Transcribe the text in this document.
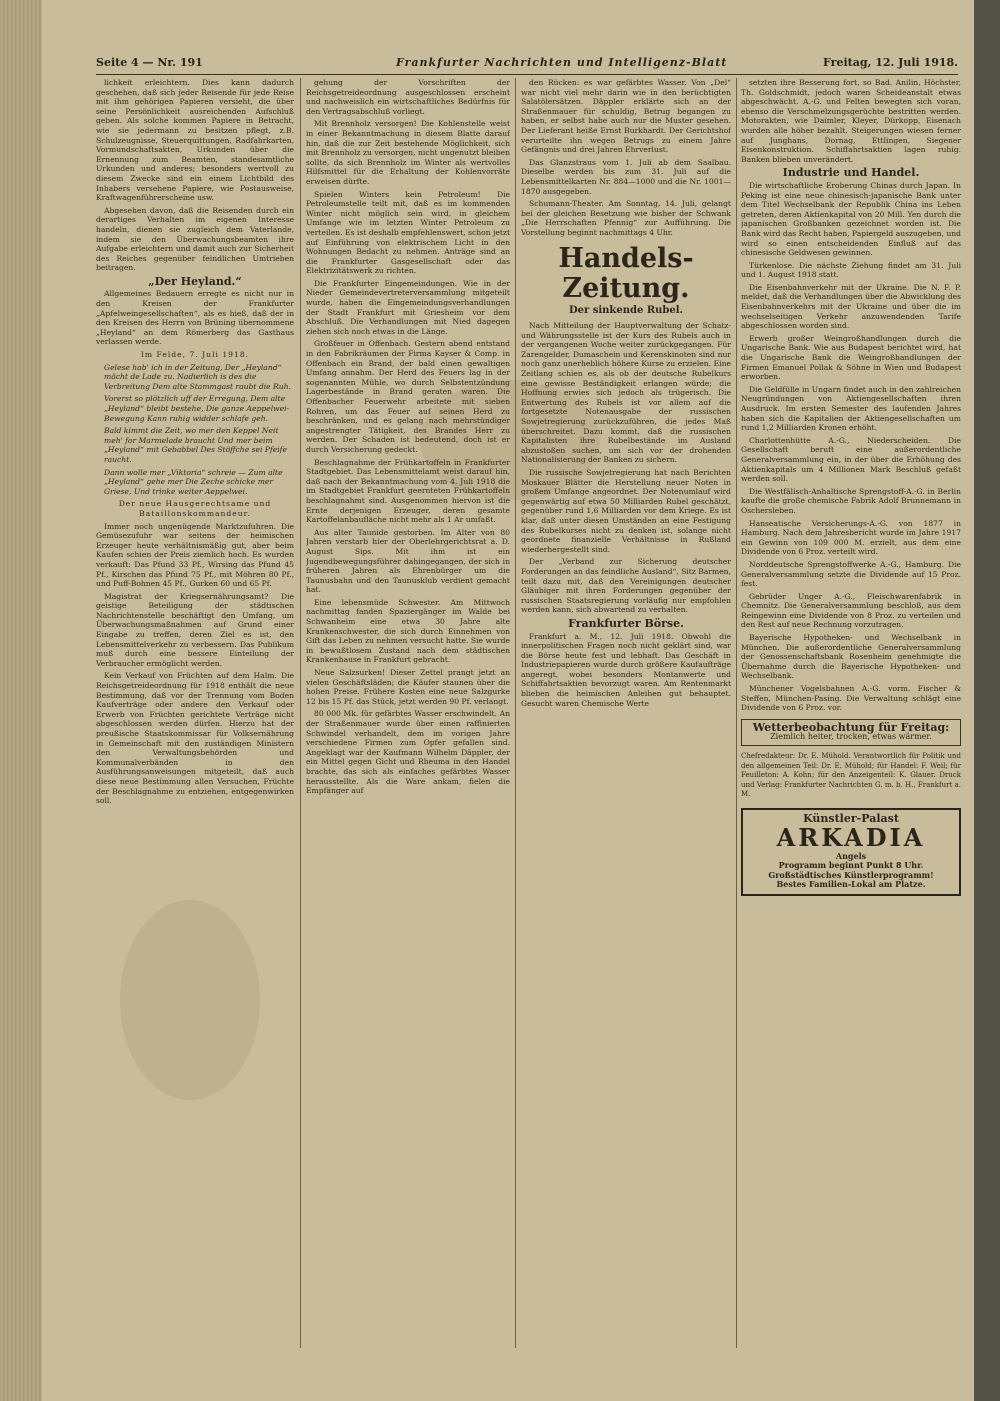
Seite 4 — Nr. 191	Frankfurter Nachrichten und Intelligenz-Blatt	Freitag, 12. Juli 1918.

lichkeit erleichtern. Dies kann dadurch geschehen, daß sich jeder Reisende für jede Reise mit ihm gehörigen Papieren versieht, die über seine Persönlichkeit ausreichenden Aufschluß geben. Als solche kommen Papiere in Betracht, wie sie jedermann zu besitzen pflegt, z.B. Schulzeugnisse, Steuerquittungen, Radfahrkarten, Vormundschaftsakten, Urkunden über die Ernennung zum Beamten, standesamtliche Urkunden und anderes; besonders wertvoll zu diesem Zwecke sind ein einem Lichtbild des Inhabers versehene Papiere, wie Postausweise, Kraftwagenführerscheine usw.

Abgesehen davon, daß die Reisenden durch ein derartiges Verhalten im eigenen Interesse handeln, dienen sie zugleich dem Vaterlande, indem sie den Überwachungsbeamten ihre Aufgabe erleichtern und damit auch zur Sicherheit des Reiches gegenüber feindlichen Umtrieben beitragen.

„Der Heyland.“

Allgemeines Bedauern erregte es nicht nur in den Kreisen der Frankfurter „Apfelweingesellschaften“, als es hieß, daß der in den Kreisen des Herrn von Brüning übernommene „Heyland“ an dem Römerberg das Gasthaus verlassen werde.

Im Felde, 7. Juli 1918.

Gelese hab' ich in der Zeitung, Der „Heyland“ mächt de Lade zu. Nadierlich is des die Verbreitung Dem alte Stammgast raubt die Ruh.

Vorerst so plötzlich uff der Erregung, Dem alte „Heyland“ bleibt bestehe, Die ganze Aeppelwei-Bewegung Kann ruhig widder schlafe geh.

Bald kimmt die Zeit, wo mer den Keppel Neit meh' for Marmelade braucht Und mer beim „Heyland“ mit Gebabbel Des Stöffche sei Pfeife raucht.

Dann wolle mer „Viktoria“ schreie — Zum alte „Heyland“ gehe mer Die Zeche schicke mer Griese, Und trinke weiter Aeppelwei.

Der neue Hausgerechtsame und Bataillonskommandeur.

Immer noch ungenügende Marktzufuhren. Die Gemüsezufuhr war seitens der heimischen Erzeuger heute verhältnismäßig gut, aber beim Kaufen schien der Preis ziemlich hoch. Es wurden verkauft: Das Pfund 33 Pf., Wirsing das Pfund 45 Pf., Kirschen das Pfund 75 Pf., mit Möhren 80 Pf., und Puff-Bohnen 45 Pf., Gurken 60 und 65 Pf.

Magistrat der Kriegsernährungsamt? Die geistige Beteiligung der städtischen Nachrichtenstelle beschäftigt den Umfang, um Überwachungsmaßnahmen auf Grund einer Eingabe zu treffen, deren Ziel es ist, den Lebensmittelverkehr zu verbessern. Das Publikum muß durch eine bessere Einteilung der Verbraucher ermöglicht werden.

Kein Verkauf von Früchten auf dem Halm. Die Reichsgetreideordnung für 1918 enthält die neue Bestimmung, daß vor der Trennung vom Boden Kaufverträge oder andere den Verkauf oder Erwerb von Früchten gerichtete Verträge nicht abgeschlossen werden dürfen. Hierzu hat der preußische Staatskommissar für Volksernährung in Gemeinschaft mit den zuständigen Ministern den Verwaltungsbehörden und Kommunalverbänden in den Ausführungsanweisungen mitgeteilt, daß auch diese neue Bestimmung allen Versuchen, Früchte der Beschlagnahme zu entziehen, entgegenwirken soll.

gehung der Vorschriften der Reichsgetreideordnung ausgeschlossen erscheint und nachweislich ein wirtschaftliches Bedürfnis für den Vertragsabschluß vorliegt.

Mit Brennholz versorgen! Die Kohlenstelle weist in einer Bekanntmachung in diesem Blatte darauf hin, daß die zur Zeit bestehende Möglichkeit, sich mit Brennholz zu versorgen, nicht ungenutzt bleiben sollte, da sich Brennholz im Winter als wertvolles Hilfsmittel für die Erhaltung der Kohlenvorräte erweisen dürfte.

Spielen Winters kein Petroleum! Die Petroleumstelle teilt mit, daß es im kommenden Winter nicht möglich sein wird, in gleichem Umfange wie im letzten Winter Petroleum zu verteilen. Es ist deshalb empfehlenswert, schon jetzt auf Einführung von elektrischem Licht in den Wohnungen Bedacht zu nehmen. Anträge sind an die Frankfurter Gasgesellschaft oder das Elektrizitätswerk zu richten.

Die Frankfurter Eingemeindungen. Wie in der Nieder Gemeindevertreterversammlung mitgeteilt wurde, haben die Eingemeindungsverhandlungen der Stadt Frankfurt mit Griesheim vor dem Abschluß. Die Verhandlungen mit Nied dagegen ziehen sich noch etwas in die Länge.

Großfeuer in Offenbach. Gestern abend entstand in den Fabrikräumen der Firma Kayser & Comp. in Offenbach ein Brand, der bald einen gewaltigen Umfang annahm. Der Herd des Feuers lag in der sogenannten Mühle, wo durch Selbstentzündung Lagerbestände in Brand geraten waren. Die Offenbacher Feuerwehr arbeitete mit sieben Rohren, um das Feuer auf seinen Herd zu beschränken, und es gelang nach mehrstündiger angestrengter Tätigkeit, des Brandes Herr zu werden. Der Schaden ist bedeutend, doch ist er durch Versicherung gedeckt.

Beschlagnahme der Frühkartoffeln in Frankfurter Stadtgebiet. Das Lebensmittelamt weist darauf hin, daß nach der Bekanntmachung vom 4. Juli 1918 die im Stadtgebiet Frankfurt geernteten Frühkartoffeln beschlagnahmt sind. Ausgenommen hiervon ist die Ernte derjenigen Erzeuger, deren gesamte Kartoffelanbaufläche nicht mehr als 1 Ar umfaßt.

Aus alter Taunide gestorben. Im Alter von 80 Jahren verstarb hier der Oberlehrgerichtsrat a. D. August Sips. Mit ihm ist ein Jugendbewegungsführer dahingegangen, der sich in früheren Jahren als Ehrenbürger um die Taunusbahn und den Taunusklub verdient gemacht hat.

Eine lebensmüde Schwester. Am Mittwoch nachmittag fanden Spaziergänger im Walde bei Schwanheim eine etwa 30 Jahre alte Krankenschwester, die sich durch Einnehmen von Gift das Leben zu nehmen versucht hatte. Sie wurde in bewußtlosem Zustand nach dem städtischen Krankenhause in Frankfurt gebracht.

Neue Salzsurken! Dieser Zettel prangt jetzt an vielen Geschäftsläden; die Käufer staunen über die hohen Preise. Frühere Kosten eine neue Salzgurke 12 bis 15 Pf. das Stück, jetzt werden 90 Pf. verlangt.

80 000 Mk. für gefärbtes Wasser erschwindelt. An der Straßenmauer wurde über einen raffinierten Schwindel verhandelt, dem im vorigen Jahre verschiedene Firmen zum Opfer gefallen sind. Angeklagt war der Kaufmann Wilhelm Däppler, der ein Mittel gegen Gicht und Rheuma in den Handel brachte, das sich als einfaches gefärbtes Wasser herausstellte. Als die Ware ankam, fielen die Empfänger auf

den Rücken: es war gefärbtes Wasser. Von „Del“ war nicht viel mehr darin wie in den berüchtigten Salatölersätzen. Däppler erklärte sich an der Straßenmauer für schuldig, Betrug begangen zu haben, er selbst habe auch nur die Muster gesehen. Der Lieferant heiße Ernst Burkhardt. Der Gerichtshof verurteilte ihn wegen Betrugs zu einem Jahre Gefängnis und drei Jahren Ehrverlust.

Das Glanzstraus vom 1. Juli ab dem Saalbau. Dieselbe werden bis zum 31. Juli auf die Lebensmittelkarten Nr. 884—1000 und die Nr. 1001—1870 ausgegeben.

Schumann-Theater. Am Sonntag, 14. Juli, gelangt bei der gleichen Besetzung wie bisher der Schwank „Die Herrschaften Pfennig“ zur Aufführung. Die Vorstellung beginnt nachmittags 4 Uhr.

Handels-Zeitung.
Der sinkende Rubel.

Nach Mitteilung der Hauptverwaltung der Schatz- und Währungsstelle ist der Kurs des Rubels auch in der vergangenen Woche weiter zurückgegangen. Für Zarengelder, Dumaschein und Kerenskinoten sind nur noch ganz unerheblich höhere Kurse zu erzielen. Eine Zeitlang schien es, als ob der deutsche Rubelkurs eine gewisse Beständigkeit erlangen würde; die Hoffnung erwies sich jedoch als trügerisch. Die Entwertung des Rubels ist vor allem auf die fortgesetzte Notenausgabe der russischen Sowjetregierung zurückzuführen, die jedes Maß überschreitet. Dazu kommt, daß die russischen Kapitalisten ihre Rubelbestände im Ausland abzustoßen suchen, um sich vor der drohenden Nationalisierung der Banken zu sichern.

Die russische Sowjetregierung hat nach Berichten Moskauer Blätter die Herstellung neuer Noten in großem Umfange angeordnet. Der Notenumlauf wird gegenwärtig auf etwa 50 Milliarden Rubel geschätzt, gegenüber rund 1,6 Milliarden vor dem Kriege. Es ist klar, daß unter diesen Umständen an eine Festigung des Rubelkurses nicht zu denken ist, solange nicht geordnete finanzielle Verhältnisse in Rußland wiederhergestellt sind.

Der „Verband zur Sicherung deutscher Forderungen an das feindliche Ausland“, Sitz Barmen, teilt dazu mit, daß den Vereinigungen deutscher Gläubiger mit ihren Forderungen gegenüber der russischen Staatsregierung vorläufig nur empfohlen werden kann, sich abwartend zu verhalten.

Frankfurter Börse.

Frankfurt a. M., 12. Juli 1918. Obwohl die innerpolitischen Fragen noch nicht geklärt sind, war die Börse heute fest und lebhaft. Das Geschäft in Industriepapieren wurde durch größere Kaufaufträge angeregt, wobei besonders Montanwerte und Schiffahrtsaktien bevorzugt waren. Am Rentenmarkt blieben die heimischen Anleihen gut behauptet. Gesucht waren Chemische Werte

setzten ihre Besserung fort, so Bad. Anilin, Höchster, Th. Goldschmidt, jedoch waren Scheideanstalt etwas abgeschwächt. A.-G. und Felten bewegten sich voran, ebenso die Verschmelzungsgerüchte bestritten werden. Motorakten, wie Daimler, Kleyer, Dürkopp, Eisenach wurden alle höher bezahlt. Steigerungen wiesen ferner auf Junghans, Dornag, Ettlingen, Siegener Eisenkonstruktion. Schiffahrtsaktien lagen ruhig. Banken blieben unverändert.

Industrie und Handel.

Die wirtschaftliche Eroberung Chinas durch Japan. In Peking ist eine neue chinesisch-japanische Bank unter dem Titel Wechselbank der Republik China ins Leben getreten, deren Aktienkapital von 20 Mill. Yen durch die japanischen Großbanken gezeichnet worden ist. Die Bank wird das Recht haben, Papiergeld auszugeben, und wird so einen entscheidenden Einfluß auf das chinesische Geldwesen gewinnen.

Türkenlose. Die nächste Ziehung findet am 31. Juli und 1. August 1918 statt.

Die Eisenbahnverkehr mit der Ukraine. Die N. F. P. meldet, daß die Verhandlungen über die Abwicklung des Eisenbahnverkehrs mit der Ukraine und über die im wechselseitigen Verkehr anzuwendenden Tarife abgeschlossen worden sind.

Erwerb großer Weingroßhandlungen durch die Ungarische Bank. Wie aus Budapest berichtet wird, hat die Ungarische Bank die Weingroßhandlungen der Firmen Emanuel Pollak & Söhne in Wien und Budapest erworben.

Die Geldfülle in Ungarn findet auch in den zahlreichen Neugründungen von Aktiengesellschaften ihren Ausdruck. Im ersten Semester des laufenden Jahres haben sich die Kapitalien der Aktiengesellschaften um rund 1,2 Milliarden Kronen erhöht.

Charlottenhütte A.-G., Niederscheiden. Die Gesellschaft beruft eine außerordentliche Generalversammlung ein, in der über die Erhöhung des Aktienkapitals um 4 Millionen Mark Beschluß gefaßt werden soll.

Die Westfälisch-Anhaltische Sprengstoff-A.-G. in Berlin kaufte die große chemische Fabrik Adolf Brunnemann in Oschersleben.

Hanseatische Versicherungs-A.-G. von 1877 in Hamburg. Nach dem Jahresbericht wurde im Jahre 1917 ein Gewinn von 109 000 M. erzielt, aus dem eine Dividende von 6 Proz. verteilt wird.

Norddeutsche Sprengstoffwerke A.-G., Hamburg. Die Generalversammlung setzte die Dividende auf 15 Proz. fest.

Gebrüder Unger A.-G., Fleischwarenfabrik in Chemnitz. Die Generalversammlung beschloß, aus dem Reingewinn eine Dividende von 8 Proz. zu verteilen und den Rest auf neue Rechnung vorzutragen.

Bayerische Hypotheken- und Wechselbank in München. Die außerordentliche Generalversammlung der Genossenschaftsbank Rosenheim genehmigte die Übernahme durch die Bayerische Hypotheken- und Wechselbank.

Münchener Vogelsbahnen A.-G. vorm. Fischer & Steffen, München-Pasing. Die Verwaltung schlägt eine Dividende von 6 Proz. vor.

Wetterbeobachtung für Freitag:
Ziemlich heiter, trocken, etwas wärmer.

Chefredakteur: Dr. E. Mühold. Verantwortlich für Politik und den allgemeinen Teil: Dr. E. Mühold; für Handel: F. Weil; für Feuilleton: A. Kohn; für den Anzeigenteil: K. Glauer. Druck und Verlag: Frankfurter Nachrichten G. m. b. H., Frankfurt a. M.

Künstler-Palast
ARKADIA
Angels
Programm beginnt Punkt 8 Uhr.
Großstädtisches Künstlerprogramm!
Bestes Familien-Lokal am Platze.
